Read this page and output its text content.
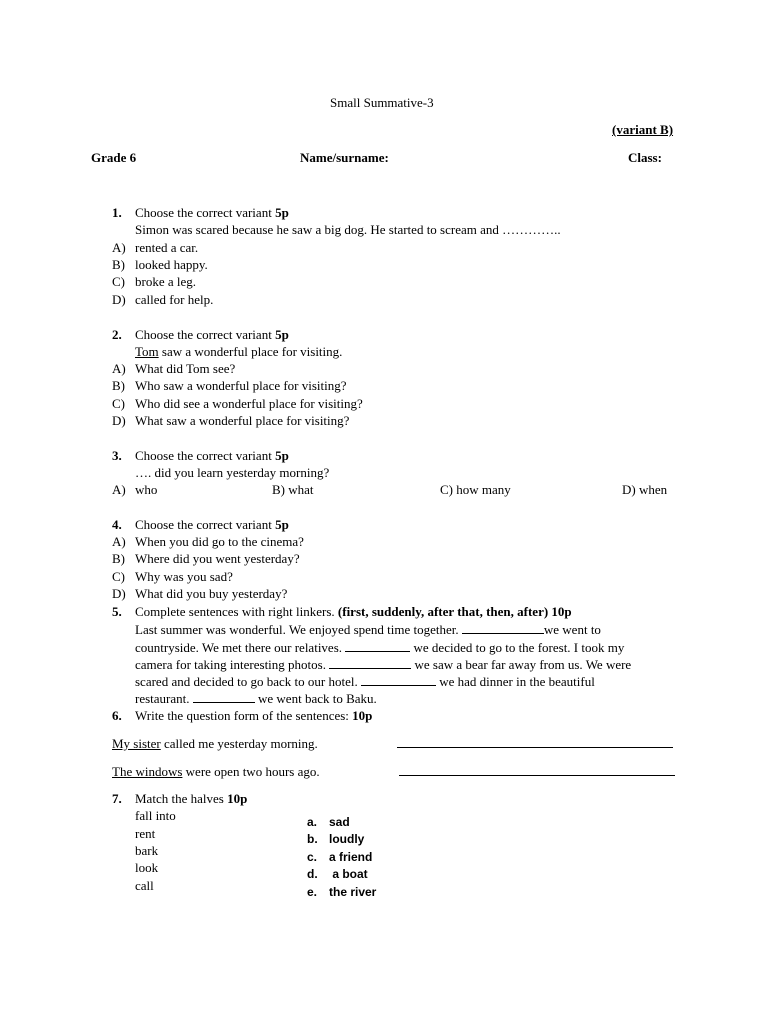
Small Summative-3
(variant B)
Grade 6	Name/surname:	Class:
1. Choose the correct variant 5p
Simon was scared because he saw a big dog. He started to scream and …………..
A) rented a car.
B) looked happy.
C) broke a leg.
D) called for help.
2. Choose the correct variant 5p
Tom saw a wonderful place for visiting.
A) What did Tom see?
B) Who saw a wonderful place for visiting?
C) Who did see a wonderful place for visiting?
D) What saw a wonderful place for visiting?
3. Choose the correct variant 5p
…. did you learn yesterday morning?
A) who	B) what	C) how many	D) when
4. Choose the correct variant 5p
A) When you did go to the cinema?
B) Where did you went yesterday?
C) Why was you sad?
D) What did you buy yesterday?
5. Complete sentences with right linkers. (first, suddenly, after that, then, after) 10p
Last summer was wonderful. We enjoyed spend time together.	we went to
countryside. We met there our relatives.	we decided to go to the forest. I took my
camera for taking interesting photos.	we saw a bear far away from us. We were
scared and decided to go back to our hotel.	we had dinner in the beautiful
restaurant.	we went back to Baku.
6. Write the question form of the sentences: 10p
My sister called me yesterday morning.
The windows were open two hours ago.
7. Match the halves 10p
fall into
rent
bark
look
call
a. sad
b. loudly
c. a friend
d. a boat
e. the river
